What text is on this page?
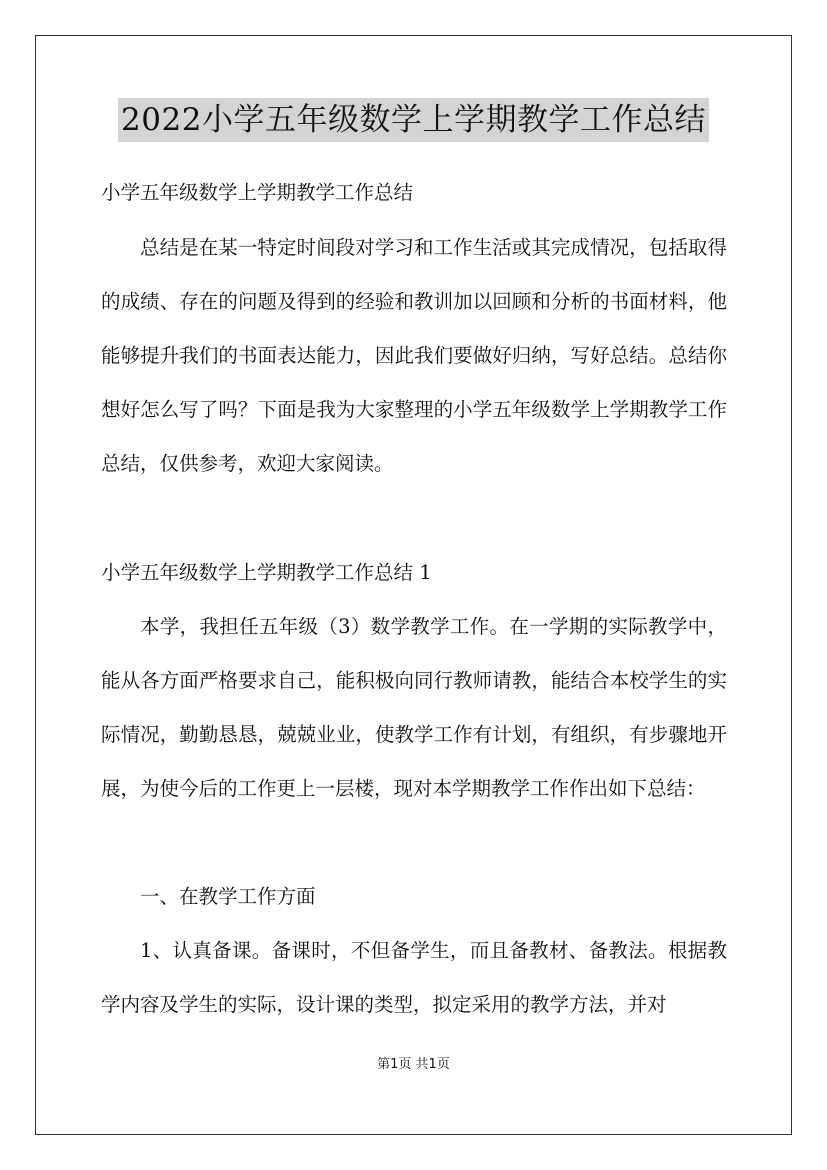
2022小学五年级数学上学期教学工作总结
小学五年级数学上学期教学工作总结
总结是在某一特定时间段对学习和工作生活或其完成情况，包括取得的成绩、存在的问题及得到的经验和教训加以回顾和分析的书面材料，他能够提升我们的书面表达能力，因此我们要做好归纳，写好总结。总结你想好怎么写了吗？下面是我为大家整理的小学五年级数学上学期教学工作总结，仅供参考，欢迎大家阅读。
小学五年级数学上学期教学工作总结 1
本学，我担任五年级（3）数学教学工作。在一学期的实际教学中，能从各方面严格要求自己，能积极向同行教师请教，能结合本校学生的实际情况，勤勤恳恳，兢兢业业，使教学工作有计划，有组织，有步骤地开展，为使今后的工作更上一层楼，现对本学期教学工作作出如下总结：
一、在教学工作方面
1、认真备课。备课时，不但备学生，而且备教材、备教法。根据教学内容及学生的实际，设计课的类型，拟定采用的教学方法，并对
第1页 共1页
